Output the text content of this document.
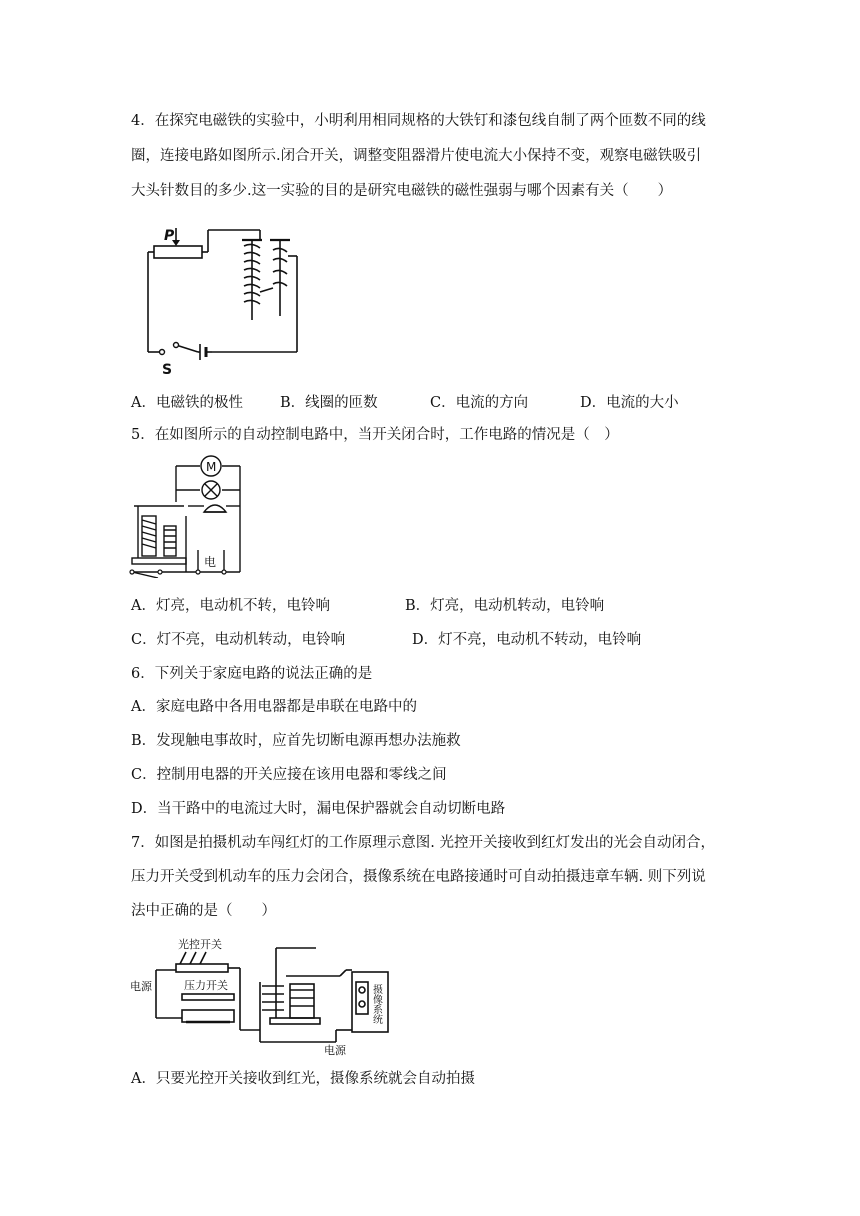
4．在探究电磁铁的实验中，小明利用相同规格的大铁钉和漆包线自制了两个匝数不同的线
圈，连接电路如图所示.闭合开关，调整变阻器滑片使电流大小保持不变，观察电磁铁吸引
大头针数目的多少.这一实验的目的是研究电磁铁的磁性强弱与哪个因素有关（　　）
P
S
A．电磁铁的极性	B．线圈的匝数	C．电流的方向	D．电流的大小
5．在如图所示的自动控制电路中，当开关闭合时，工作电路的情况是（　）
M
电
A．灯亮，电动机不转，电铃响	B．灯亮，电动机转动，电铃响
C．灯不亮，电动机转动，电铃响	D．灯不亮，电动机不转动，电铃响
6．下列关于家庭电路的说法正确的是
A．家庭电路中各用电器都是串联在电路中的
B．发现触电事故时，应首先切断电源再想办法施救
C．控制用电器的开关应接在该用电器和零线之间
D．当干路中的电流过大时，漏电保护器就会自动切断电路
7．如图是拍摄机动车闯红灯的工作原理示意图. 光控开关接收到红灯发出的光会自动闭合，
压力开关受到机动车的压力会闭合，摄像系统在电路接通时可自动拍摄违章车辆. 则下列说
法中正确的是（　　）
光控开关
压力开关
电源
电源
摄像系统
A．只要光控开关接收到红光，摄像系统就会自动拍摄
